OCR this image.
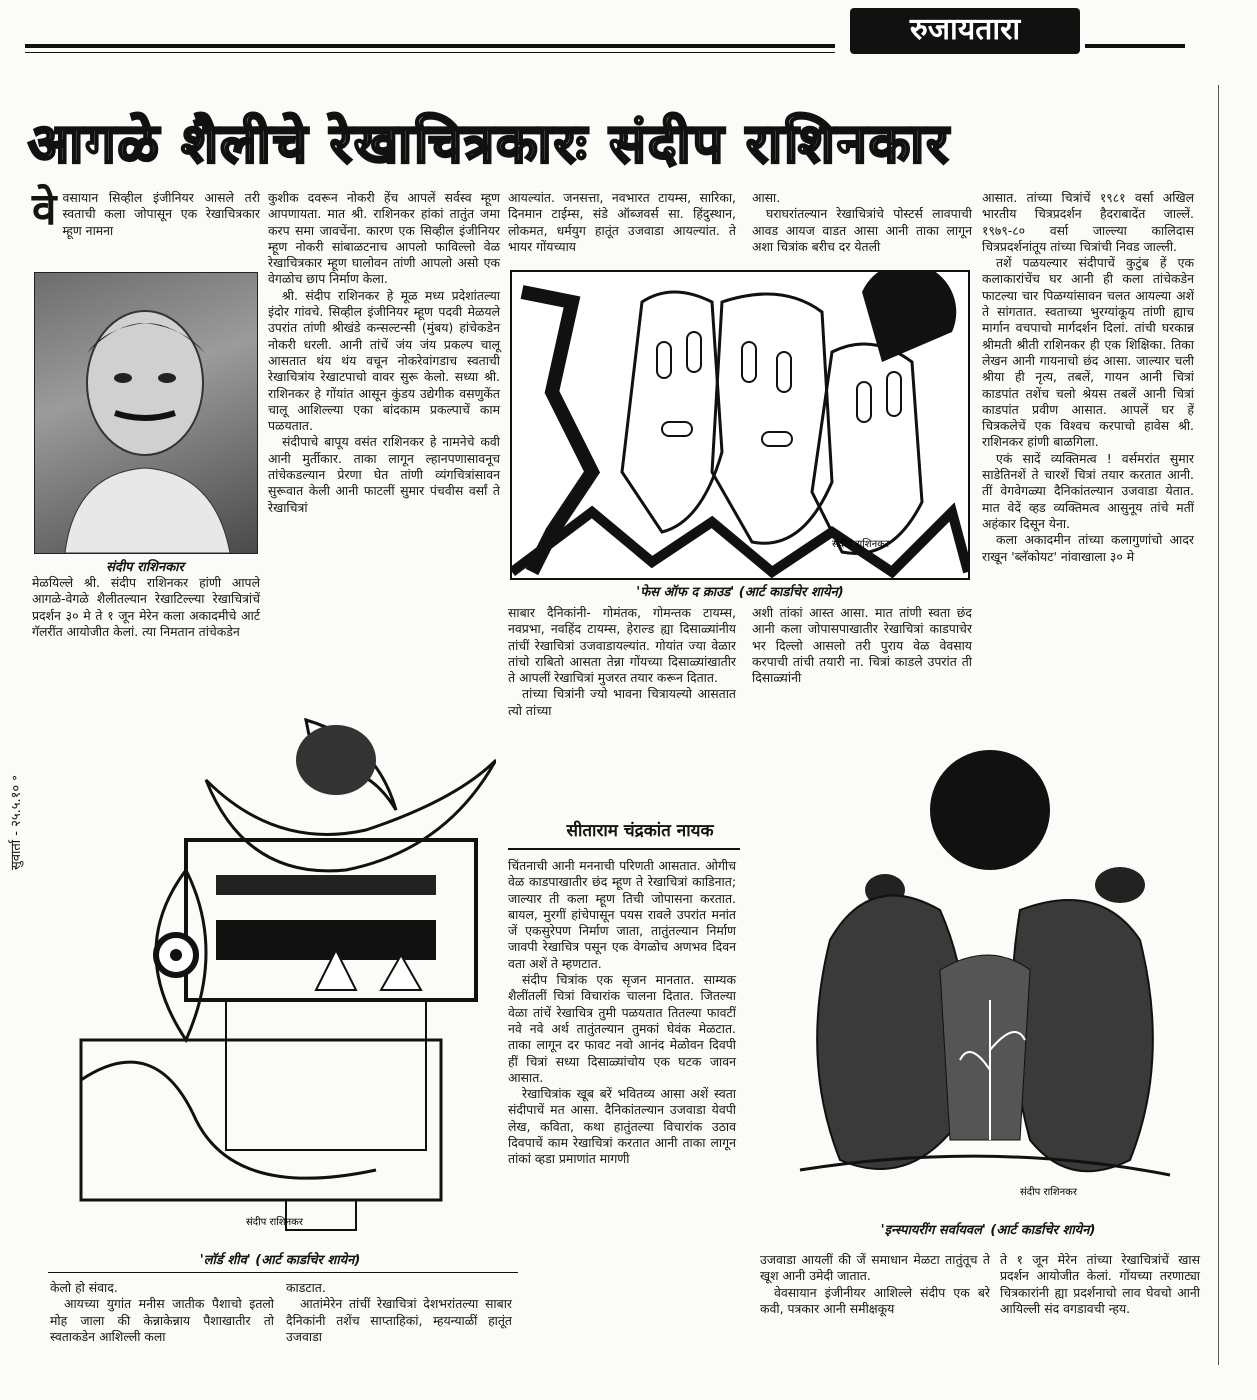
रुजायतारा
सुवार्ता - २५.५.१० ॰
आगळे शैलीचे रेखाचित्रकारः संदीप राशिनकार
वे वसायान सिव्हील इंजीनियर आसले तरी स्वताची कला जोपासून एक रेखाचित्रकार म्हूण नामना
संदीप राशिनकार

मेळयिल्ले श्री. संदीप राशिनकर हांणी आपले आगळे-वेगळे शैलीतल्यान रेखाटिल्ल्या रेखाचित्रांचें प्रदर्शन ३० मे ते १ जून मेरेन कला अकादमीचे आर्ट गॅलरींत आयोजीत केलां. त्या निमतान तांचेकडेन

कुशीक दवरून नोकरी हेंच आपलें सर्वस्व म्हूण आपणायता. मात श्री. राशिनकर हांकां तातुंत जमा करप समा जावचेंना. कारण एक सिव्हील इंजीनियर म्हूण नोकरी सांबाळटनाच आपलो फाविल्लो वेळ रेखाचित्रकार म्हूण घालोवन तांणी आपलो असो एक वेगळोच छाप निर्माण केला.

श्री. संदीप राशिनकर हे मूळ मध्य प्रदेशांतल्या इंदोर गांवचे. सिव्हील इंजीनियर म्हूण पदवी मेळयले उपरांत तांणी श्रीखंडे कन्सल्टन्सी (मुंबय) हांचेकडेन नोकरी धरली. आनी तांचें जंय जंय प्रकल्प चालू आसतात थंय थंय वचून नोकरेवांगडाच स्वताची रेखाचित्रांय रेखाटपाचो वावर सुरू केलो. सध्या श्री. राशिनकर हे गोंयांत आसून कुंडय उद्येगीक वसणुकेंत चालू आशिल्ल्या एका बांदकाम प्रकल्पाचें काम पळयतात.

संदीपाचे बापूय वसंत राशिनकर हे नामनेचे कवी आनी मुर्तीकार. ताका लागून ल्हानपणासावनूच तांचेकडल्यान प्रेरणा घेत तांणी व्यंगचित्रांसावन सुरूवात केली आनी फाटलीं सुमार पंचवीस वर्सां ते रेखाचित्रां

आयल्यांत. जनसत्ता, नवभारत टायम्स, सारिका, दिनमान टाईम्स, संडे ऑब्जवर्स सा. हिंदुस्थान, लोकमत, धर्मयुग हातूंत उजवाडा आयल्यांत. ते भायर गोंयच्याय

आसा.

घराघरांतल्यान रेखाचित्रांचे पोस्टर्स लावपाची आवड आयज वाडत आसा आनी ताका लागून अशा चित्रांक बरीच दर येतली

संदीप राशिनकर
'फेस ऑफ द क्राउड' (आर्ट कार्डाचेर शायेन)

साबार दैनिकांनी- गोमंतक, गोमन्तक टायम्स, नवप्रभा, नवहिंद टायम्स, हेराल्ड ह्या दिसाळ्यांनीय तांचीं रेखाचित्रां उजवाडायल्यांत. गोयांत ज्या वेळार तांचो राबितो आसता तेन्ना गोंयच्या दिसाळ्यांखातीर ते आपलीं रेखाचित्रां मुजरत तयार करून दितात.

तांच्या चित्रांनी ज्यो भावना चित्रायल्यो आसतात त्यो तांच्या

अशी तांकां आस्त आसा. मात तांणी स्वता छंद आनी कला जोपासपाखातीर रेखाचित्रां काडपाचेर भर दिल्लो आसलो तरी पुराय वेळ वेवसाय करपाची तांची तयारी ना. चित्रां काडले उपरांत ती दिसाळ्यांनी

सीताराम चंद्रकांत नायक

चिंतनाची आनी मननाची परिणती आसतात. ओगीच वेळ काडपाखातीर छंद म्हूण ते रेखाचित्रां काडिनात; जाल्यार ती कला म्हूण तिची जोपासना करतात. बायल, मुरगीं हांचेपासून पयस रावले उपरांत मनांत जें एकसुरेपण निर्माण जाता, तातुंतल्यान निर्माण जावपी रेखाचित्र पसून एक वेगळोच अणभव दिवन वता अशें ते म्हणटात.

संदीप चित्रांक एक सृजन मानतात. साम्यक शैलींतलीं चित्रां विचारांक चालना दितात. जितल्या वेळा तांचें रेखाचित्र तुमी पळयतात तितल्या फावटीं नवे नवे अर्थ तातुंतल्यान तुमकां घेवंक मेळटात. ताका लागून दर फावट नवो आनंद मेळोवन दिवपी हीं चित्रां सध्या दिसाळ्यांचोय एक घटक जावन आसात.

रेखाचित्रांक खूब बरें भवितव्य आसा अशें स्वता संदीपाचें मत आसा. दैनिकांतल्यान उजवाडा येवपी लेख, कविता, कथा हातुंतल्या विचारांक उठाव दिवपाचें काम रेखाचित्रां करतात आनी ताका लागून तांकां व्हडा प्रमाणांत मागणी

आसात. तांच्या चित्रांचें १९८१ वर्सा अखिल भारतीय चित्रप्रदर्शन हैदराबादेंत जाल्लें. १९७९-८० वर्सा जाल्ल्या कालिदास चित्रप्रदर्शनांतूय तांच्या चित्रांची निवड जाल्ली.

तशें पळयल्यार संदीपाचें कुटुंब हें एक कलाकारांचेंच घर आनी ही कला तांचेकडेन फाटल्या चार पिळग्यांसावन चलत आयल्या अशें ते सांगतात. स्वताच्या भुरग्यांकूय तांणी ह्याच मार्गान वचपाचो मार्गदर्शन दिलां. तांची घरकान्न श्रीमती श्रीती राशिनकर ही एक शिक्षिका. तिका लेखन आनी गायनाचो छंद आसा. जाल्यार चली श्रीया ही नृत्य, तबलें, गायन आनी चित्रां काडपांत तशेंच चलो श्रेयस तबलें आनी चित्रां काडपांत प्रवीण आसात. आपलें घर हें चित्रकलेचें एक विश्वच करपाचो हावेस श्री. राशिनकर हांणी बाळगिला.

एकं सादें व्यक्तिमत्व ! वर्समरांत सुमार साडेतिनशें ते चारशें चित्रां तयार करतात आनी. तीं वेगवेगळ्या दैनिकांतल्यान उजवाडा येतात. मात वेदें व्हड व्यक्तिमत्व आसुनूय तांचे मतीं अहंकार दिसून येना.

कला अकादमीन तांच्या कलागुणांचो आदर राखून 'ब्लॅकोयट' नांवाखाला ३० मे

संदीप राशिनकर
'लॉर्ड शीव' (आर्ट कार्डाचेर शायेन)
संदीप राशिनकर
'इन्स्पायरींग सर्वायवल' (आर्ट कार्डाचेर शायेन)

केलो हो संवाद.

आयच्या युगांत मनीस जातीक पैशाचो इतलो मोह जाला की केन्नाकेन्नाय पैशाखातीर तो स्वताकडेन आशिल्ली कला

काडटात.

आतांमेरेन तांचीं रेखाचित्रां देशभरांतल्या साबार दैनिकांनी तशेंच साप्ताहिकां, म्हयन्याळीं हातूंत उजवाडा

उजवाडा आयलीं की जें समाधान मेळटा तातुंतूच ते खूश आनी उमेदी जातात.

वेवसायान इंजीनीयर आशिल्ले संदीप एक बरे कवी, पत्रकार आनी समीक्षकूय

ते १ जून मेरेन तांच्या रेखाचित्रांचें खास प्रदर्शन आयोजीत केलां. गोंयच्या तरणाट्या चित्रकारांनी ह्या प्रदर्शनाचो लाव घेवचो आनी आयिल्ली संद वगडावची न्हय.
